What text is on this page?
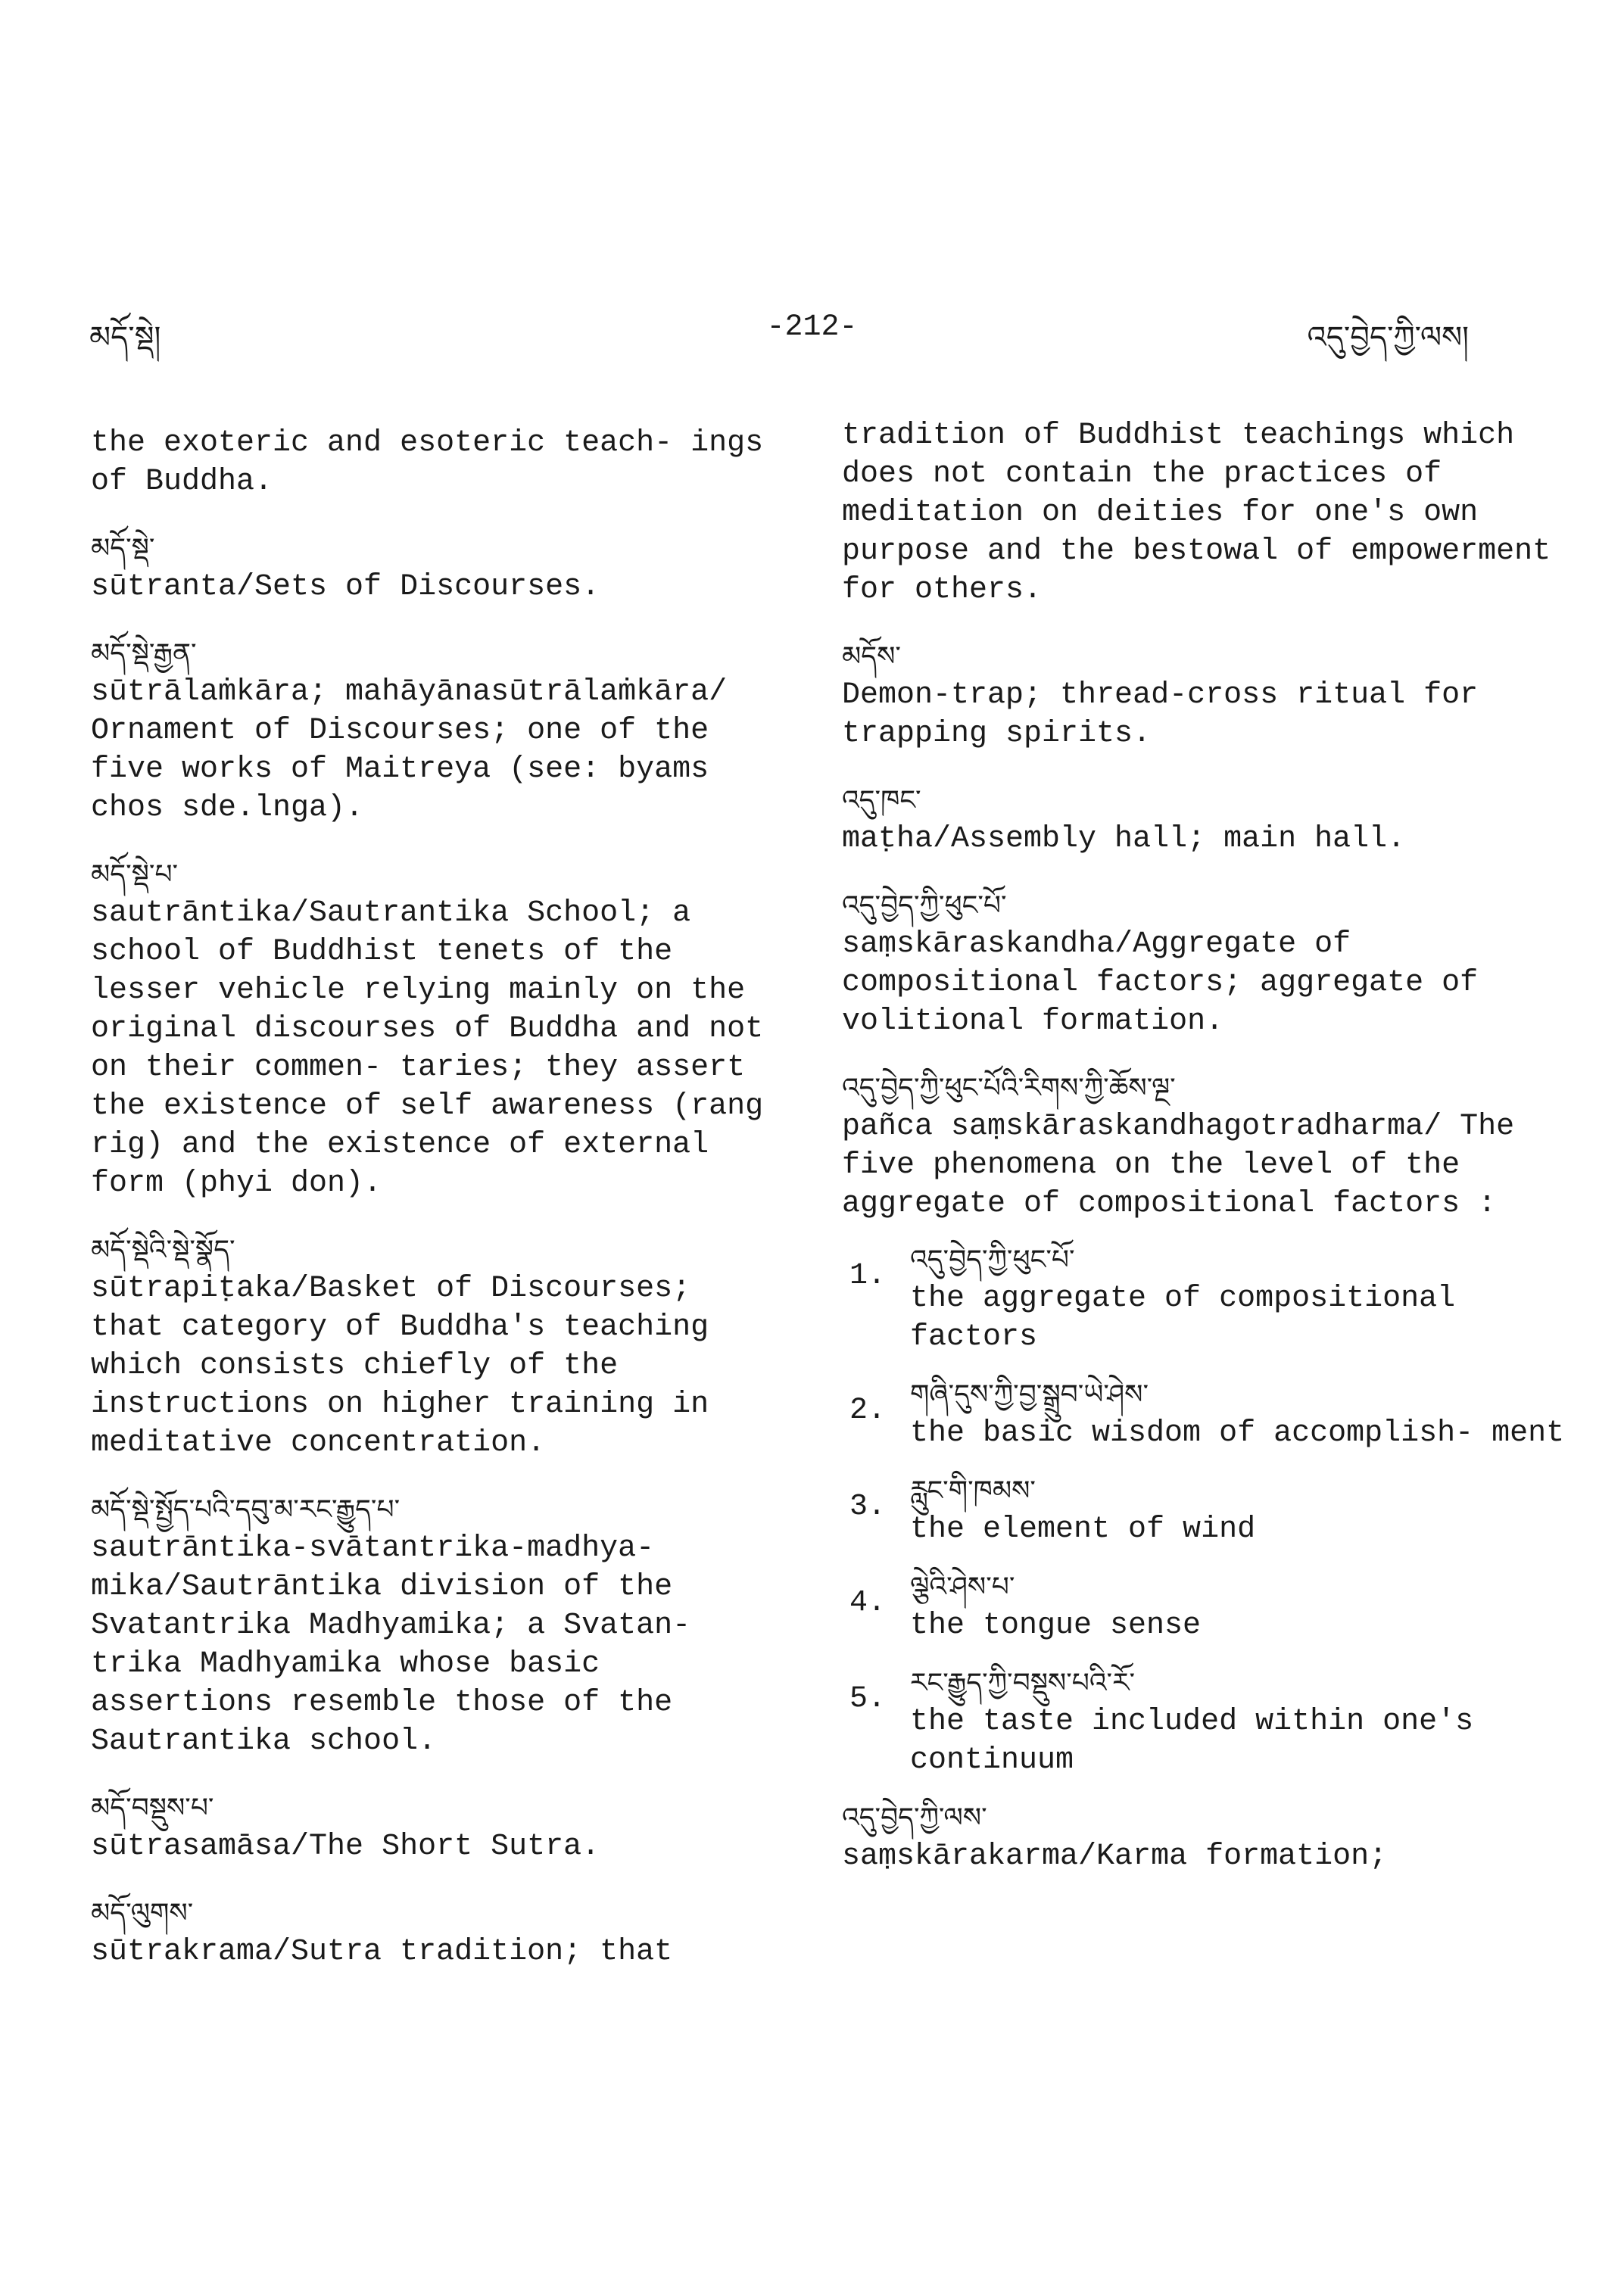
མདོ་སྡེ།	-212-	འདུ་བྱེད་ཀྱི་ལས།
the exoteric and esoteric teach- ings of Buddha.
མདོ་སྡེ་
sūtranta/Sets of Discourses.
མདོ་སྡེ་རྒྱན་
sūtrālaṁkāra; mahāyānasūtrālaṁkāra/ Ornament of Discourses; one of the five works of Maitreya (see: byams chos sde.lnga).
མདོ་སྡེ་པ་
sautrāntika/Sautrantika School; a school of Buddhist tenets of the lesser vehicle relying mainly on the original discourses of Buddha and not on their commen- taries; they assert the existence of self awareness (rang rig) and the existence of external form (phyi don).
མདོ་སྡེའི་སྡེ་སྣོད་
sūtrapiṭaka/Basket of Discourses; that category of Buddha's teaching which consists chiefly of the instructions on higher training in meditative concentration.
མདོ་སྡེ་སྤྱོད་པའི་དབུ་མ་རང་རྒྱུད་པ་
sautrāntika-svātantrika-madhya- mika/Sautrāntika division of the Svatantrika Madhyamika; a Svatan- trika Madhyamika whose basic assertions resemble those of the Sautrantika school.
མདོ་བསྡུས་པ་
sūtrasamāsa/The Short Sutra.
མདོ་ལུགས་
sūtrakrama/Sutra tradition; that
tradition of Buddhist teachings which does not contain the practices of meditation on deities for one's own purpose and the bestowal of empowerment for others.
མདོས་
Demon-trap; thread-cross ritual for trapping spirits.
འདུ་ཁང་
maṭha/Assembly hall; main hall.
འདུ་བྱེད་ཀྱི་ཕུང་པོ་
saṃskāraskandha/Aggregate of compositional factors; aggregate of volitional formation.
འདུ་བྱེད་ཀྱི་ཕུང་པོའི་རིགས་ཀྱི་ཆོས་ལྔ་
pañca saṃskāraskandhagotradharma/ The five phenomena on the level of the aggregate of compositional factors :
1. འདུ་བྱེད་ཀྱི་ཕུང་པོ་
the aggregate of compositional factors
2. གཞི་དུས་ཀྱི་བྱ་སྒྲུབ་ཡེ་ཤེས་
the basic wisdom of accomplish- ment
3. རླུང་གི་ཁམས་
the element of wind
4. ལྕེའི་ཤེས་པ་
the tongue sense
5. རང་རྒྱུད་ཀྱི་བསྡུས་པའི་རོ་
the taste included within one's continuum
འདུ་བྱེད་ཀྱི་ལས་
saṃskārakarma/Karma formation;
